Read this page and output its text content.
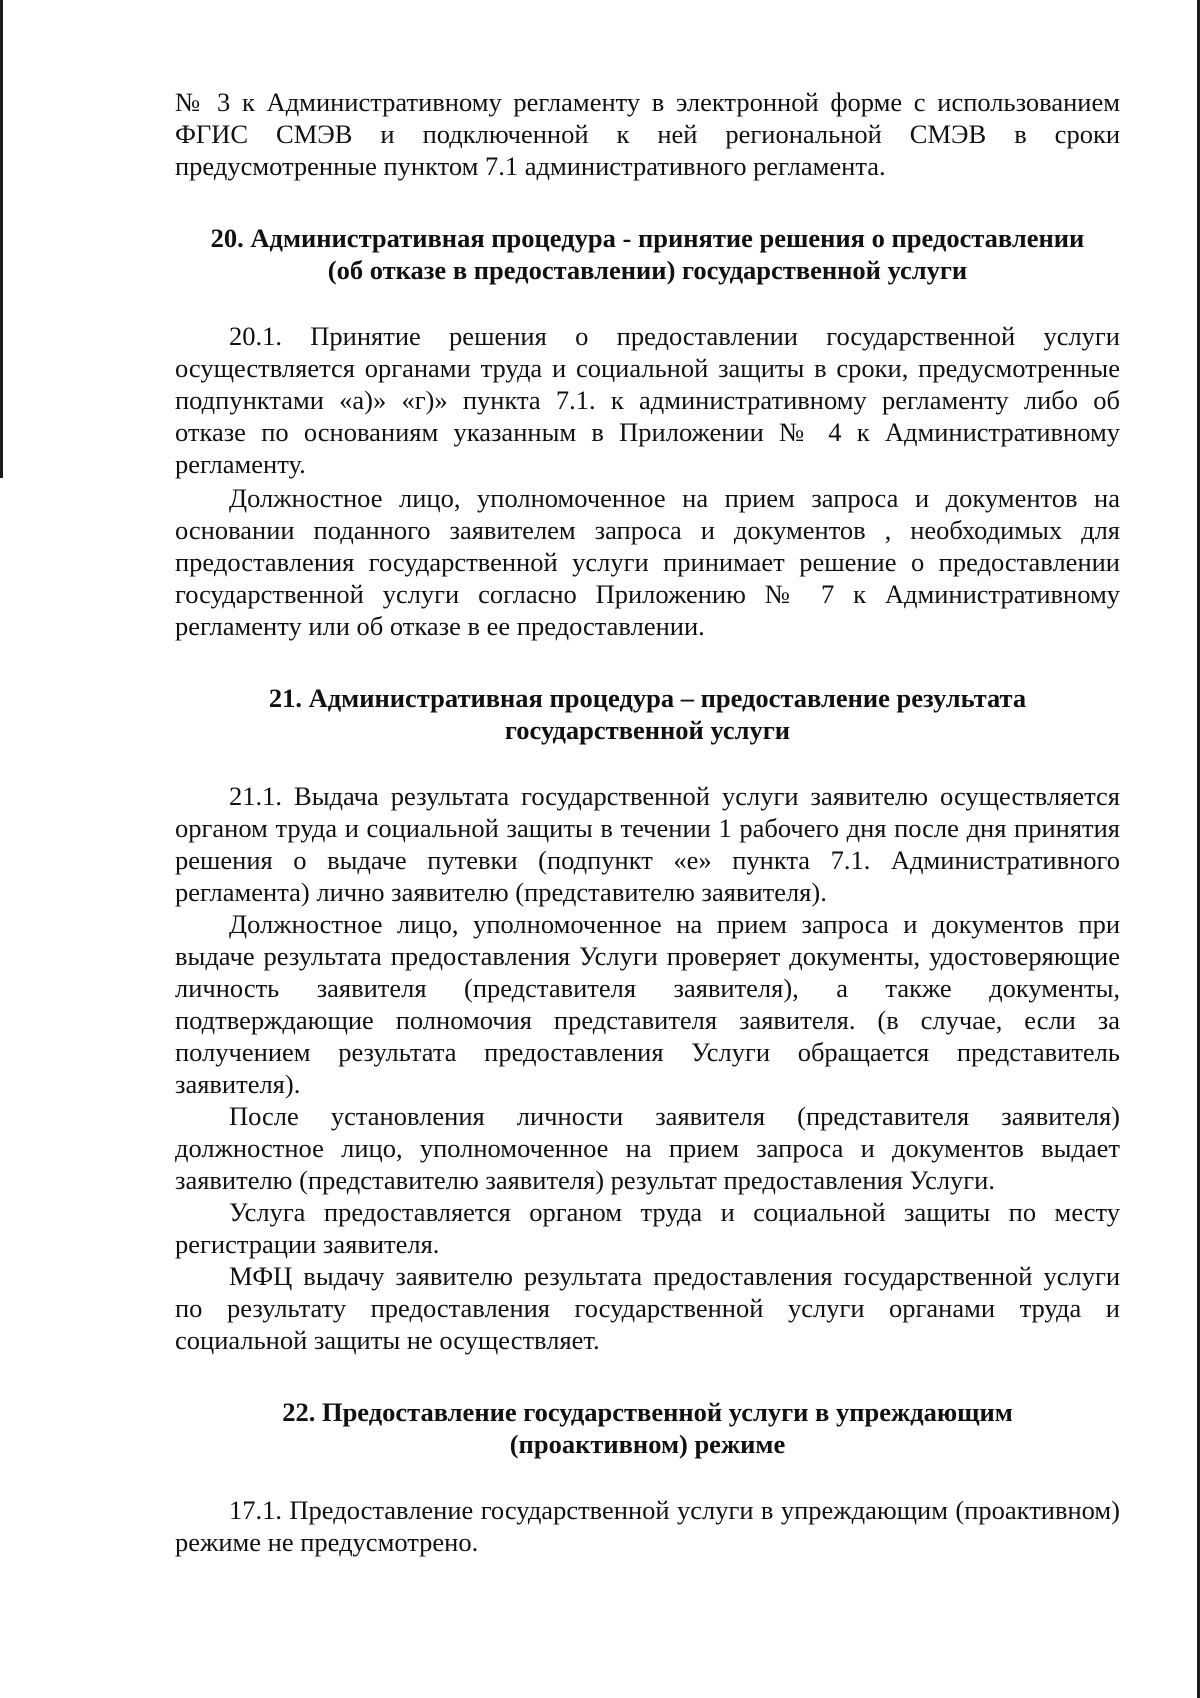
№ 3 к Административному регламенту в электронной форме с использованием ФГИС СМЭВ и подключенной к ней региональной СМЭВ в сроки предусмотренные пунктом 7.1 административного регламента.

20. Административная процедура - принятие решения о предоставлении
(об отказе в предоставлении) государственной услуги

20.1. Принятие решения о предоставлении государственной услуги осуществляется органами труда и социальной защиты в сроки, предусмотренные подпунктами «а)» «г)» пункта 7.1. к административному регламенту либо об отказе по основаниям указанным в Приложении № 4 к Административному регламенту.

Должностное лицо, уполномоченное на прием запроса и документов на основании поданного заявителем запроса и документов , необходимых для предоставления государственной услуги принимает решение о предоставлении государственной услуги согласно Приложению № 7 к Административному регламенту или об отказе в ее предоставлении.

21. Административная процедура – предоставление результата
государственной услуги

21.1. Выдача результата государственной услуги заявителю осуществляется органом труда и социальной защиты в течении 1 рабочего дня после дня принятия решения о выдаче путевки (подпункт «е» пункта 7.1. Административного регламента) лично заявителю (представителю заявителя).

Должностное лицо, уполномоченное на прием запроса и документов при выдаче результата предоставления Услуги проверяет документы, удостоверяющие личность заявителя (представителя заявителя), а также документы, подтверждающие полномочия представителя заявителя. (в случае, если за получением результата предоставления Услуги обращается представитель заявителя).

После установления личности заявителя (представителя заявителя) должностное лицо, уполномоченное на прием запроса и документов выдает заявителю (представителю заявителя) результат предоставления Услуги.

Услуга предоставляется органом труда и социальной защиты по месту регистрации заявителя.

МФЦ выдачу заявителю результата предоставления государственной услуги по результату предоставления государственной услуги органами труда и социальной защиты не осуществляет.

22. Предоставление государственной услуги в упреждающим
(проактивном) режиме

17.1. Предоставление государственной услуги в упреждающим (проактивном) режиме не предусмотрено.
